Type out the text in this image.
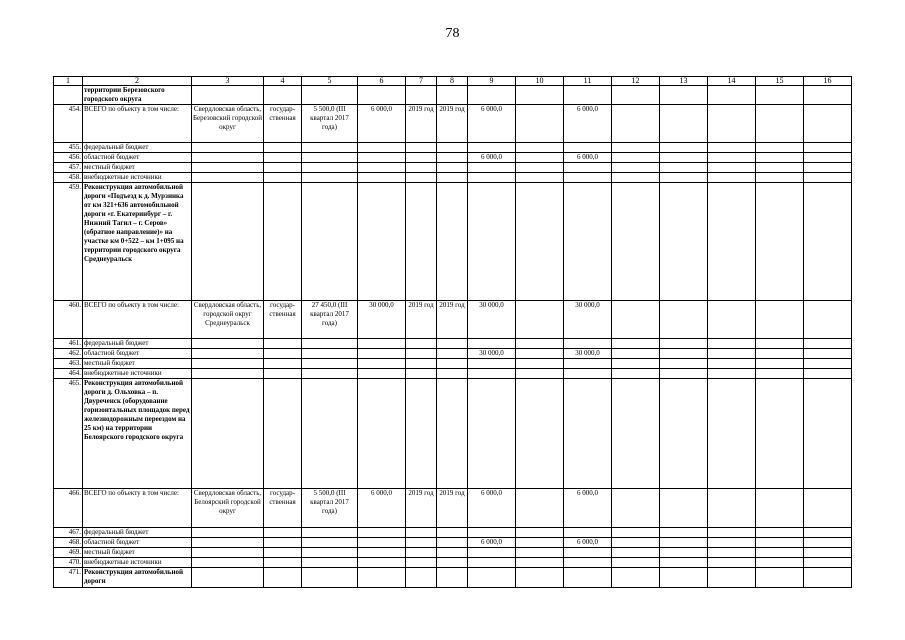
78
1	2	3	4	5	6	7	8	9	10	11	12	13	14	15	16
	территории Березовского городского округа														
454.	ВСЕГО по объекту в том числе:	Свердловская область, Березовский городской округ	государ-ственная	5 500,0 (III квартал 2017 года)	6 000,0	2019 год	2019 год	6 000,0		6 000,0					
455.	федеральный бюджет														
456.	областной бюджет							6 000,0		6 000,0					
457.	местный бюджет														
458.	внебюджетные источники														
459.	Реконструкция автомобильной дороги «Подъезд к д. Мурзинка от км 321+636 автомобильной дороги «г. Екатеринбург – г. Нижний Тагил – г. Серов» (обратное направление)» на участке км 0+522 – км 1+095 на территории городского округа Среднеуральск														
460.	ВСЕГО по объекту в том числе:	Свердловская область, городской округ Среднеуральск	государ-ственная	27 450,0 (III квартал 2017 года)	30 000,0	2019 год	2019 год	30 000,0		30 000,0					
461.	федеральный бюджет														
462.	областной бюджет							30 000,0		30 000,0					
463.	местный бюджет														
464.	внебюджетные источники														
465.	Реконструкция автомобильной дороги д. Ольховка – п. Двуреченск (оборудование горизонтальных площадок перед железнодорожным переездом на 25 км) на территории Белоярского городского округа														
466.	ВСЕГО по объекту в том числе:	Свердловская область, Белоярский городской округ	государ-ственная	5 500,0 (III квартал 2017 года)	6 000,0	2019 год	2019 год	6 000,0		6 000,0					
467.	федеральный бюджет														
468.	областной бюджет							6 000,0		6 000,0					
469.	местный бюджет														
470.	внебюджетные источники														
471.	Реконструкция автомобильной дороги														
